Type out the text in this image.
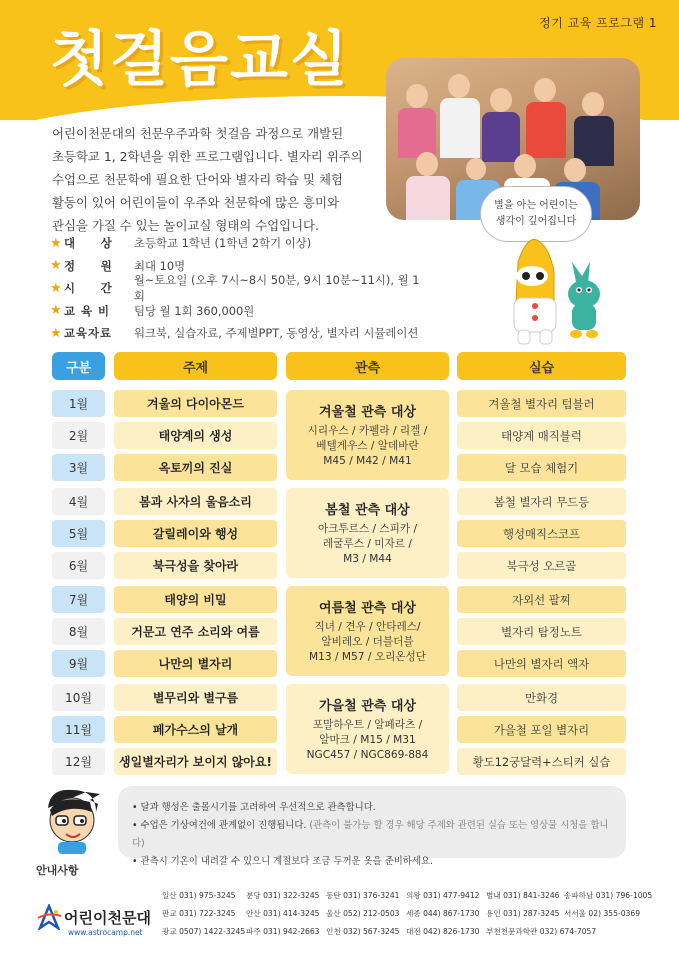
정기 교육 프로그램 1
첫걸음교실
어린이천문대의 천문우주과학 첫걸음 과정으로 개발된
초등학교 1, 2학년을 위한 프로그램입니다. 별자리 위주의
수업으로 천문학에 필요한 단어와 별자리 학습 및 체험
활동이 있어 어린이들이 우주와 천문학에 많은 흥미와
관심을 가질 수 있는 놀이교실 형태의 수업입니다.
★ 대　　상	초등학교 1학년 (1학년 2학기 이상)
★ 정　　원	최대 10명
★ 시　　간
월~토요일 (오후 7시~8시 50분, 9시 10분~11시), 월 1회
★ 교 육 비	팀당 월 1회 360,000원
★ 교육자료	워크북, 실습자료, 주제별PPT, 동영상, 별자리 시뮬레이션
별을 아는 어린이는
생각이 깊어집니다
구분	주제	관측	실습
1월	겨울의 다이아몬드	겨울철 별자리 텀블러
2월	태양계의 생성	태양계 매직블럭
3월	옥토끼의 진실	달 모습 체험기
겨울철 관측 대상
시리우스 / 카펠라 / 리겔 /
베텔게우스 / 알데바란
M45 / M42 / M41
4월	봄과 사자의 울음소리	봄철 별자리 무드등
5월	갈릴레이와 행성	행성매직스코프
6월	북극성을 찾아라	북극성 오르골
봄철 관측 대상
아크투르스 / 스피카 /
레굴루스 / 미자르 /
M3 / M44
7월	태양의 비밀	자외선 팔찌
8월	거문고 연주 소리와 여름	별자리 탐정노트
9월	나만의 별자리	나만의 별자리 액자
여름철 관측 대상
직녀 / 견우 / 안타레스/
알비레오 / 더블더블
M13 / M57 / 오리온성단
10월	별무리와 별구름	만화경
11월	페가수스의 날개	가을철 포일 별자리
12월	생일별자리가 보이지 않아요!	황도12궁달력+스티커 실습
가을철 관측 대상
포말하우트 / 알페라츠 /
알마크 / M15 / M31
NGC457 / NGC869-884
안내사항
• 달과 행성은 출몰시기를 고려하여 우선적으로 관측합니다.
• 수업은 기상여건에 관계없이 진행됩니다. (관측이 불가능 할 경우 해당 주제와 관련된 실습 또는 영상물 시청을 합니다)
• 관측시 기온이 내려갈 수 있으니 계절보다 조금 두꺼운 옷을 준비하세요.
어린이천문대
www.astrocamp.net
일산 031) 975-3245	분당 031) 322-3245 동탄 031) 376-3241 의왕 031) 477-9412 별내 031) 841-3246 송파하남 031) 796-1005
판교 031) 722-3245	안산 031) 414-3245 울산 052) 212-0503 세종 044) 867-1730 용인 031) 287-3245 서서울 02) 355-0369
광교 0507) 1422-3245 파주 031) 942-2663 인천 032) 567-3245 대전 042) 826-1730 부천천문과학관 032) 674-7057
